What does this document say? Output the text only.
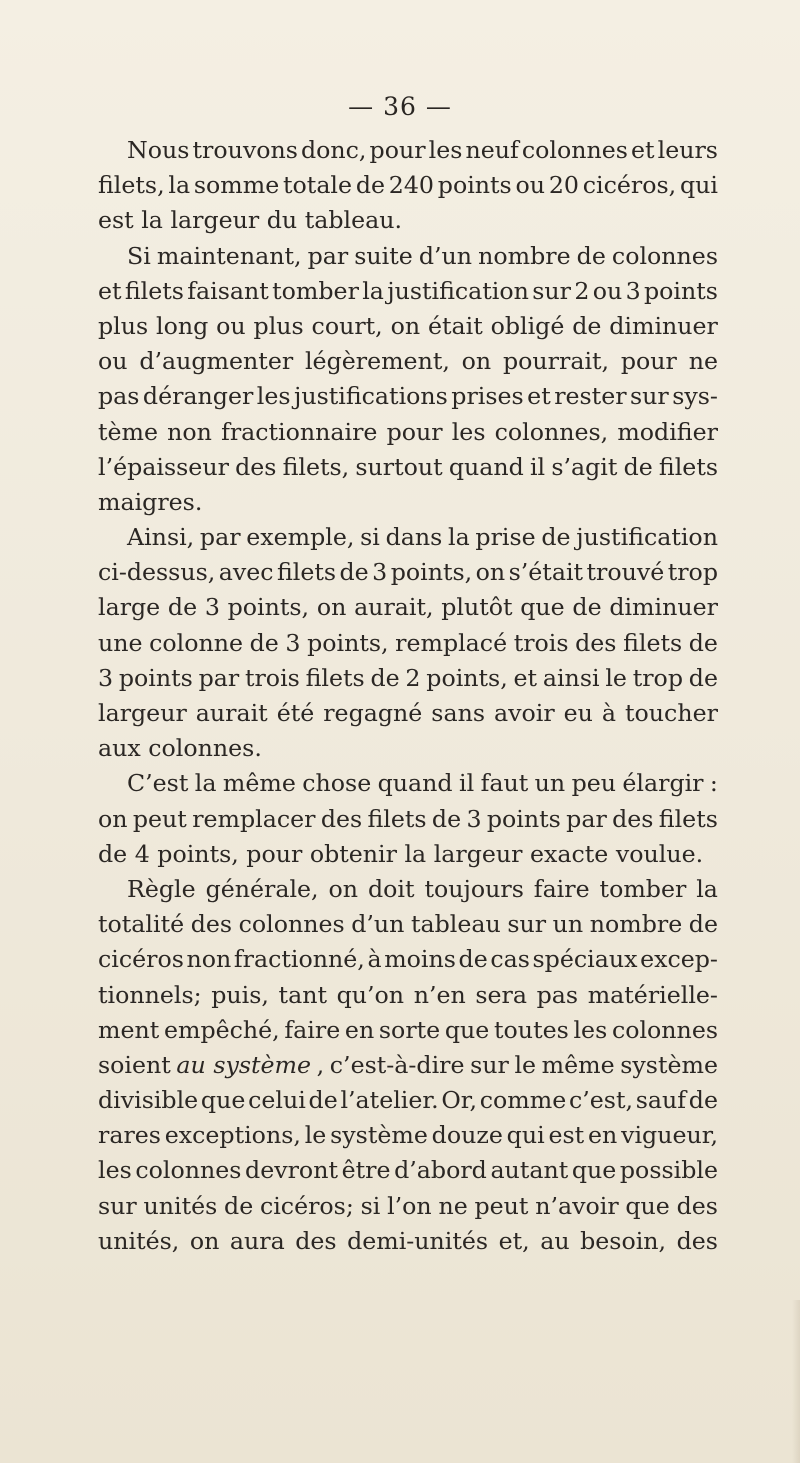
— 36 —
Nous trouvons donc, pour les neuf colonnes et leurs
filets, la somme totale de 240 points ou 20 cicéros, qui
est la largeur du tableau.
Si maintenant, par suite d’un nombre de colonnes
et filets faisant tomber la justification sur 2 ou 3 points
plus long ou plus court, on était obligé de diminuer
ou d’augmenter légèrement, on pourrait, pour ne
pas déranger les justifications prises et rester sur sys-
tème non fractionnaire pour les colonnes, modifier
l’épaisseur des filets, surtout quand il s’agit de filets
maigres.
Ainsi, par exemple, si dans la prise de justification
ci-dessus, avec filets de 3 points, on s’était trouvé trop
large de 3 points, on aurait, plutôt que de diminuer
une colonne de 3 points, remplacé trois des filets de
3 points par trois filets de 2 points, et ainsi le trop de
largeur aurait été regagné sans avoir eu à toucher
aux colonnes.
C’est la même chose quand il faut un peu élargir :
on peut remplacer des filets de 3 points par des filets
de 4 points, pour obtenir la largeur exacte voulue.
Règle générale, on doit toujours faire tomber la
totalité des colonnes d’un tableau sur un nombre de
cicéros non fractionné, à moins de cas spéciaux excep-
tionnels; puis, tant qu’on n’en sera pas matérielle-
ment empêché, faire en sorte que toutes les colonnes
soient au système , c’est-à-dire sur le même système
divisible que celui de l’atelier. Or, comme c’est, sauf de
rares exceptions, le système douze qui est en vigueur,
les colonnes devront être d’abord autant que possible
sur unités de cicéros; si l’on ne peut n’avoir que des
unités, on aura des demi-unités et, au besoin, des
